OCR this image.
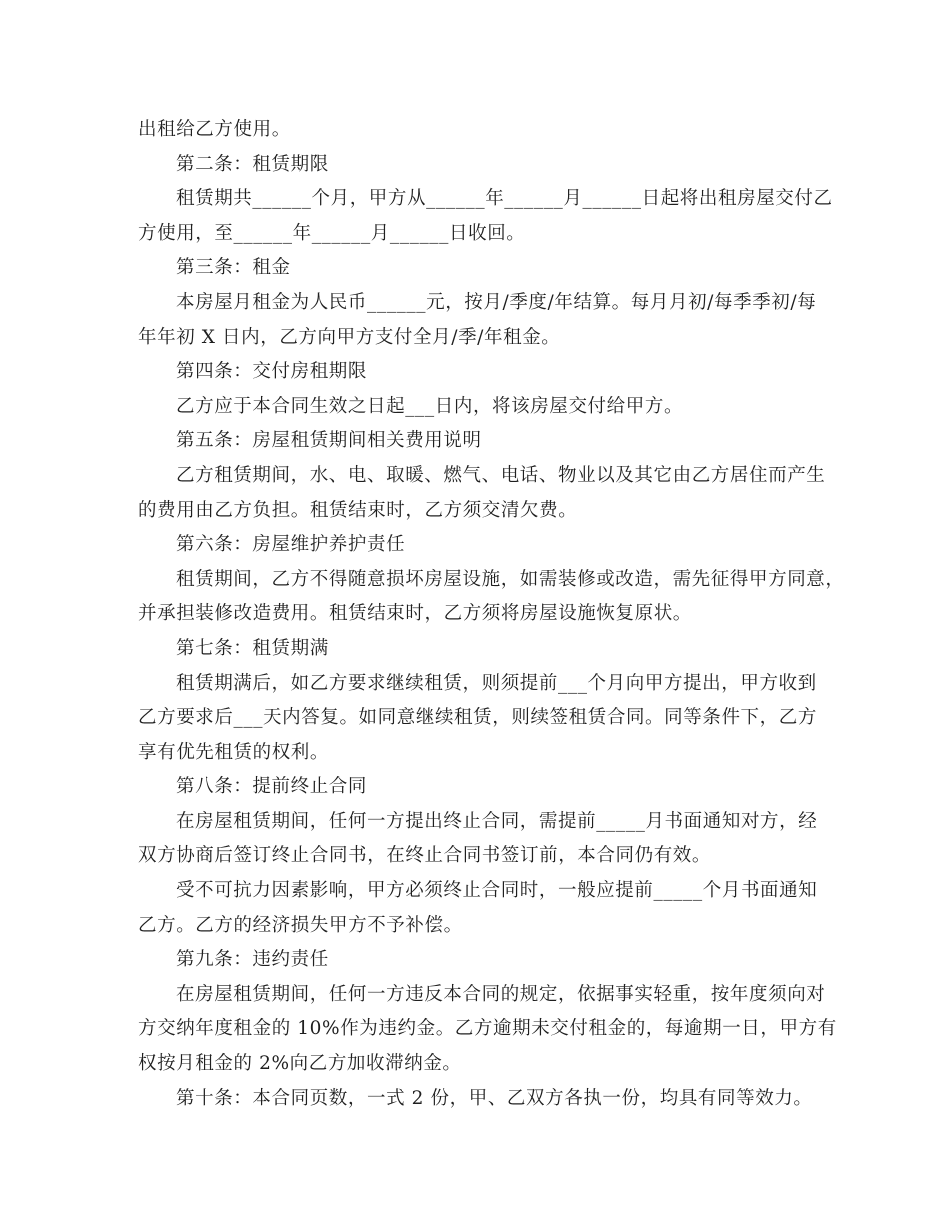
出租给乙方使用。
第二条：租赁期限
租赁期共______个月，甲方从______年______月______日起将出租房屋交付乙
方使用，至______年______月______日收回。
第三条：租金
本房屋月租金为人民币______元，按月/季度/年结算。每月月初/每季季初/每
年年初 X 日内，乙方向甲方支付全月/季/年租金。
第四条：交付房租期限
乙方应于本合同生效之日起___日内，将该房屋交付给甲方。
第五条：房屋租赁期间相关费用说明
乙方租赁期间，水、电、取暖、燃气、电话、物业以及其它由乙方居住而产生
的费用由乙方负担。租赁结束时，乙方须交清欠费。
第六条：房屋维护养护责任
租赁期间，乙方不得随意损坏房屋设施，如需装修或改造，需先征得甲方同意，
并承担装修改造费用。租赁结束时，乙方须将房屋设施恢复原状。
第七条：租赁期满
租赁期满后，如乙方要求继续租赁，则须提前___个月向甲方提出，甲方收到
乙方要求后___天内答复。如同意继续租赁，则续签租赁合同。同等条件下，乙方
享有优先租赁的权利。
第八条：提前终止合同
在房屋租赁期间，任何一方提出终止合同，需提前_____月书面通知对方，经
双方协商后签订终止合同书，在终止合同书签订前，本合同仍有效。
受不可抗力因素影响，甲方必须终止合同时，一般应提前_____个月书面通知
乙方。乙方的经济损失甲方不予补偿。
第九条：违约责任
在房屋租赁期间，任何一方违反本合同的规定，依据事实轻重，按年度须向对
方交纳年度租金的 10%作为违约金。乙方逾期未交付租金的，每逾期一日，甲方有
权按月租金的 2%向乙方加收滞纳金。
第十条：本合同页数，一式 2 份，甲、乙双方各执一份，均具有同等效力。
